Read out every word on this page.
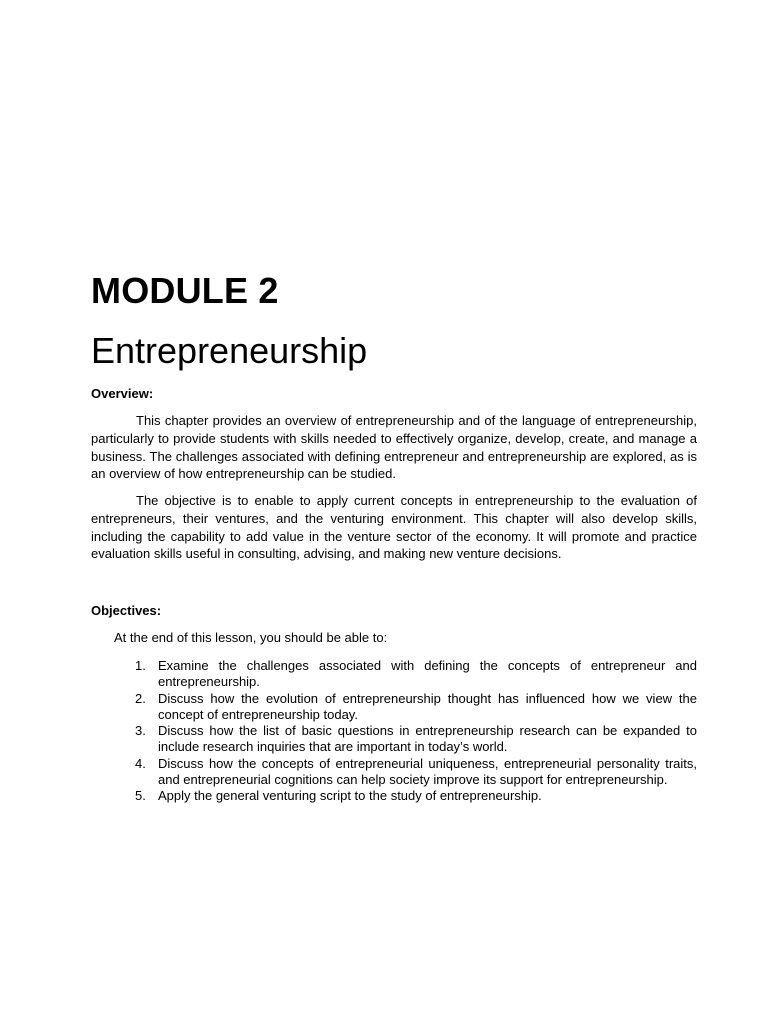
MODULE 2
Entrepreneurship
Overview:

This chapter provides an overview of entrepreneurship and of the language of entrepreneurship, particularly to provide students with skills needed to effectively organize, develop, create, and manage a business. The challenges associated with defining entrepreneur and entrepreneurship are explored, as is an overview of how entrepreneurship can be studied.

The objective is to enable to apply current concepts in entrepreneurship to the evaluation of entrepreneurs, their ventures, and the venturing environment. This chapter will also develop skills, including the capability to add value in the venture sector of the economy. It will promote and practice evaluation skills useful in consulting, advising, and making new venture decisions.

Objectives:

At the end of this lesson, you should be able to:

1. Examine the challenges associated with defining the concepts of entrepreneur and entrepreneurship.
2. Discuss how the evolution of entrepreneurship thought has influenced how we view the concept of entrepreneurship today.
3. Discuss how the list of basic questions in entrepreneurship research can be expanded to include research inquiries that are important in today’s world.
4. Discuss how the concepts of entrepreneurial uniqueness, entrepreneurial personality traits, and entrepreneurial cognitions can help society improve its support for entrepreneurship.
5. Apply the general venturing script to the study of entrepreneurship.
